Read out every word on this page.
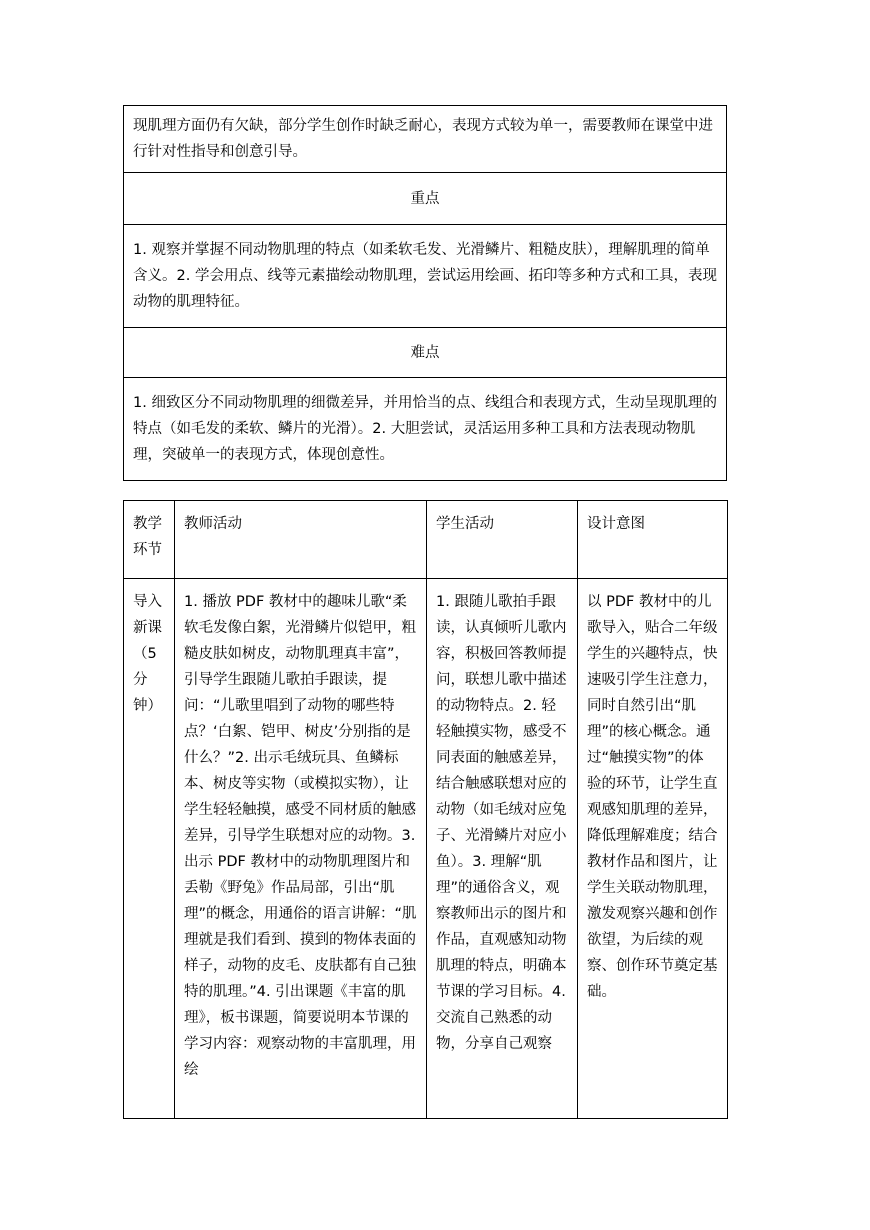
现肌理方面仍有欠缺，部分学生创作时缺乏耐心，表现方式较为单一，需要教师在课堂中进行针对性指导和创意引导。
重点
1. 观察并掌握不同动物肌理的特点（如柔软毛发、光滑鳞片、粗糙皮肤），理解肌理的简单含义。2. 学会用点、线等元素描绘动物肌理，尝试运用绘画、拓印等多种方式和工具，表现动物的肌理特征。
难点
1. 细致区分不同动物肌理的细微差异，并用恰当的点、线组合和表现方式，生动呈现肌理的特点（如毛发的柔软、鳞片的光滑）。2. 大胆尝试，灵活运用多种工具和方法表现动物肌理，突破单一的表现方式，体现创意性。
教学环节	教师活动	学生活动	设计意图

导入新课（5分钟）	1. 播放 PDF 教材中的趣味儿歌“柔软毛发像白絮，光滑鳞片似铠甲，粗糙皮肤如树皮，动物肌理真丰富”，引导学生跟随儿歌拍手跟读，提问：“儿歌里唱到了动物的哪些特点？‘白絮、铠甲、树皮’分别指的是什么？”2. 出示毛绒玩具、鱼鳞标本、树皮等实物（或模拟实物），让学生轻轻触摸，感受不同材质的触感差异，引导学生联想对应的动物。3. 出示 PDF 教材中的动物肌理图片和丢勒《野兔》作品局部，引出“肌理”的概念，用通俗的语言讲解：“肌理就是我们看到、摸到的物体表面的样子，动物的皮毛、皮肤都有自己独特的肌理。”4. 引出课题《丰富的肌理》，板书课题，简要说明本节课的学习内容：观察动物的丰富肌理，用绘	1. 跟随儿歌拍手跟读，认真倾听儿歌内容，积极回答教师提问，联想儿歌中描述的动物特点。2. 轻轻触摸实物，感受不同表面的触感差异，结合触感联想对应的动物（如毛绒对应兔子、光滑鳞片对应小鱼）。3. 理解“肌理”的通俗含义，观察教师出示的图片和作品，直观感知动物肌理的特点，明确本节课的学习目标。4. 交流自己熟悉的动物，分享自己观察	以 PDF 教材中的儿歌导入，贴合二年级学生的兴趣特点，快速吸引学生注意力，同时自然引出“肌理”的核心概念。通过“触摸实物”的体验的环节，让学生直观感知肌理的差异，降低理解难度；结合教材作品和图片，让学生关联动物肌理，激发观察兴趣和创作欲望，为后续的观察、创作环节奠定基础。
